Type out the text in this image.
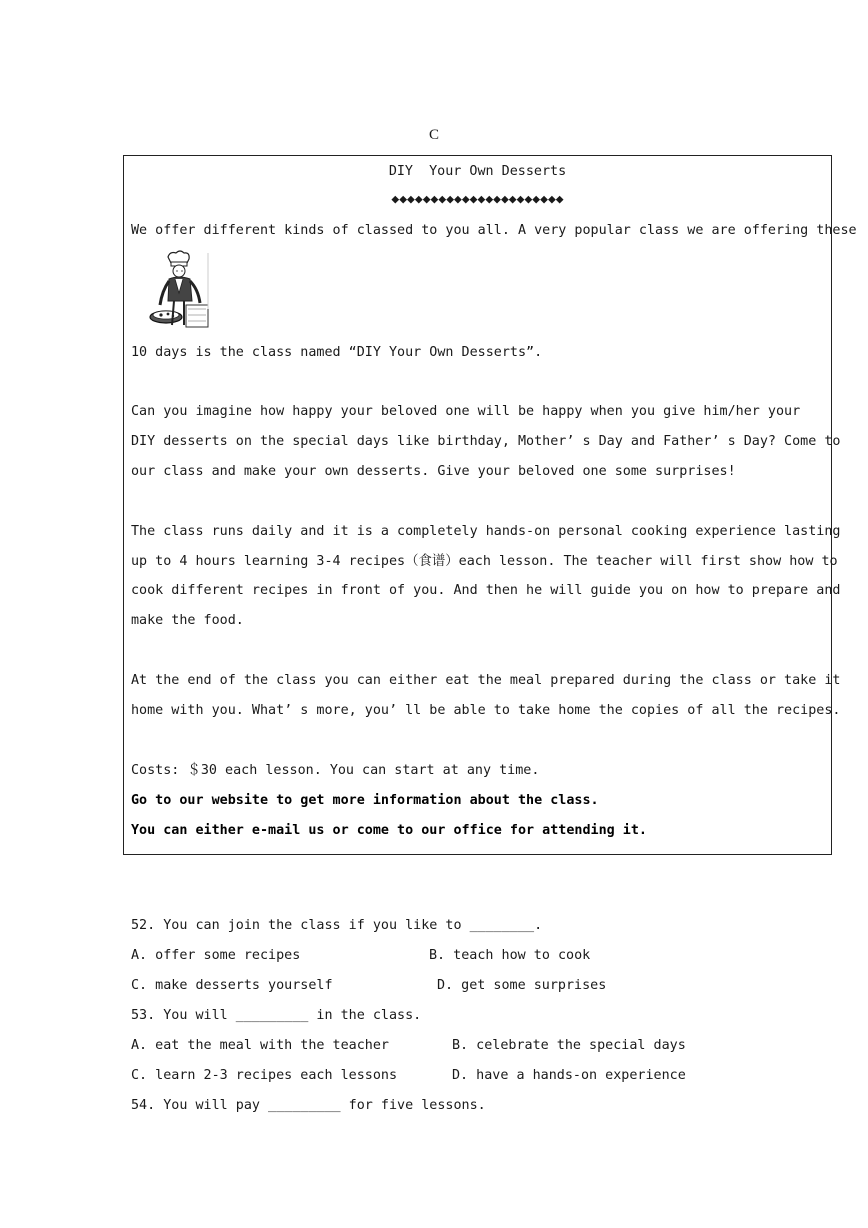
C
DIY  Your Own Desserts
◆◆◆◆◆◆◆◆◆◆◆◆◆◆◆◆◆◆◆◆◆◆
We offer different kinds of classed to you all. A very popular class we are offering these
10 days is the class named “DIY Your Own Desserts”.
Can you imagine how happy your beloved one will be happy when you give him/her your
DIY desserts on the special days like birthday, Mother’ s Day and Father’ s Day? Come to
our class and make your own desserts. Give your beloved one some surprises!
The class runs daily and it is a completely hands-on personal cooking experience lasting
up to 4 hours learning 3-4 recipes（食谱）each lesson. The teacher will first show how to
cook different recipes in front of you. And then he will guide you on how to prepare and
make the food.
At the end of the class you can either eat the meal prepared during the class or take it
home with you. What’ s more, you’ ll be able to take home the copies of all the recipes.
Costs: ＄30 each lesson. You can start at any time.
Go to our website to get more information about the class.
You can either e-mail us or come to our office for attending it.
52. You can join the class if you like to ________.
A. offer some recipes	B. teach how to cook
C. make desserts yourself	D. get some surprises
53. You will _________ in the class.
A. eat the meal with the teacher	B. celebrate the special days
C. learn 2-3 recipes each lessons	D. have a hands-on experience
54. You will pay _________ for five lessons.
